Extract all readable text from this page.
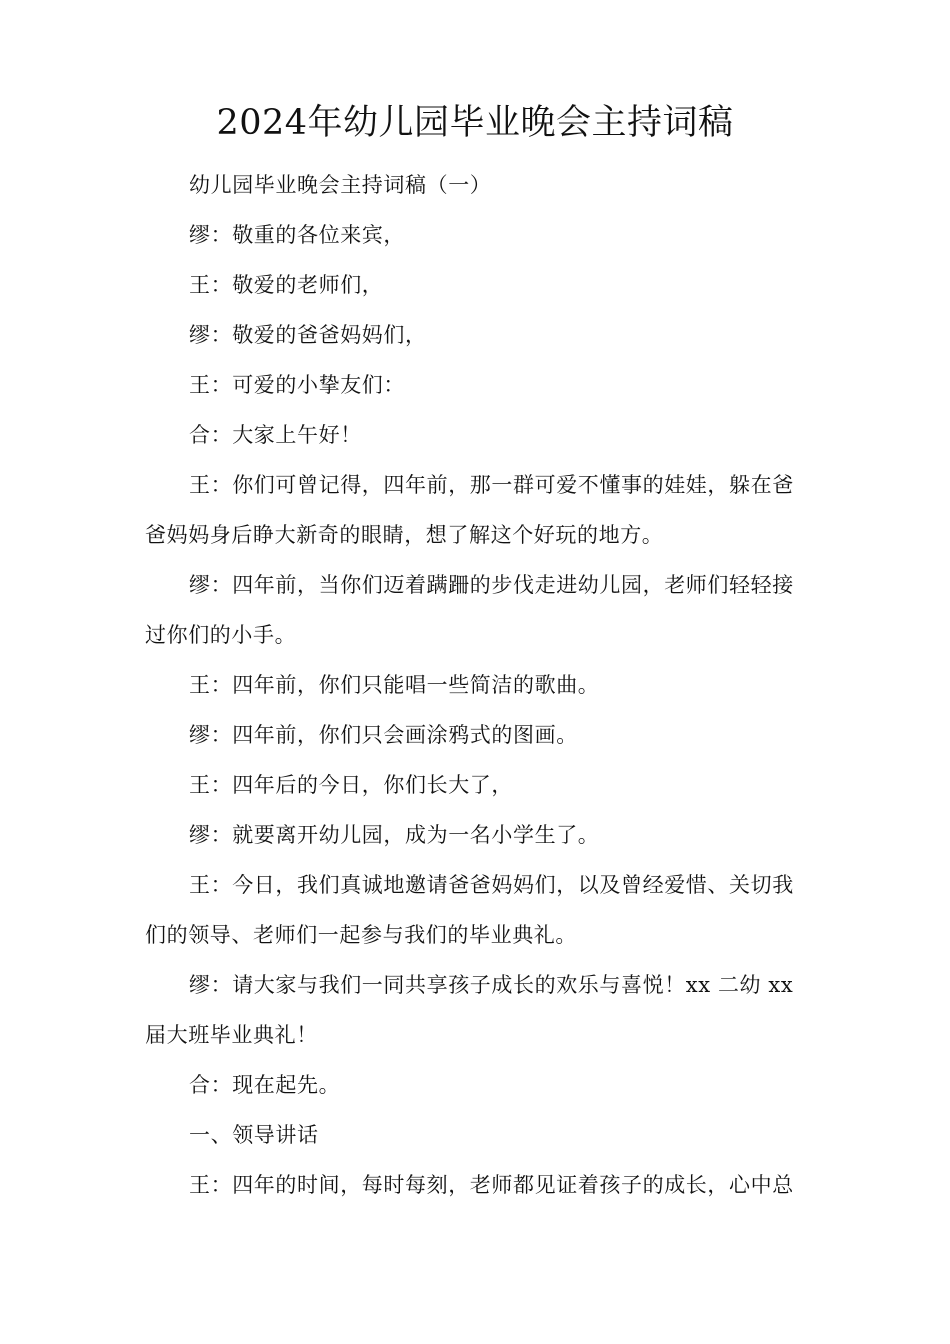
2024年幼儿园毕业晚会主持词稿

幼儿园毕业晚会主持词稿（一）

缪：敬重的各位来宾，

王：敬爱的老师们，

缪：敬爱的爸爸妈妈们，

王：可爱的小挚友们：

合：大家上午好！

王：你们可曾记得，四年前，那一群可爱不懂事的娃娃，躲在爸爸妈妈身后睁大新奇的眼睛，想了解这个好玩的地方。

缪：四年前，当你们迈着蹒跚的步伐走进幼儿园，老师们轻轻接过你们的小手。

王：四年前，你们只能唱一些简洁的歌曲。

缪：四年前，你们只会画涂鸦式的图画。

王：四年后的今日，你们长大了，

缪：就要离开幼儿园，成为一名小学生了。

王：今日，我们真诚地邀请爸爸妈妈们，以及曾经爱惜、关切我们的领导、老师们一起参与我们的毕业典礼。

缪：请大家与我们一同共享孩子成长的欢乐与喜悦！xx 二幼 xx 届大班毕业典礼！

合：现在起先。

一、领导讲话

王：四年的时间，每时每刻，老师都见证着孩子的成长，心中总
